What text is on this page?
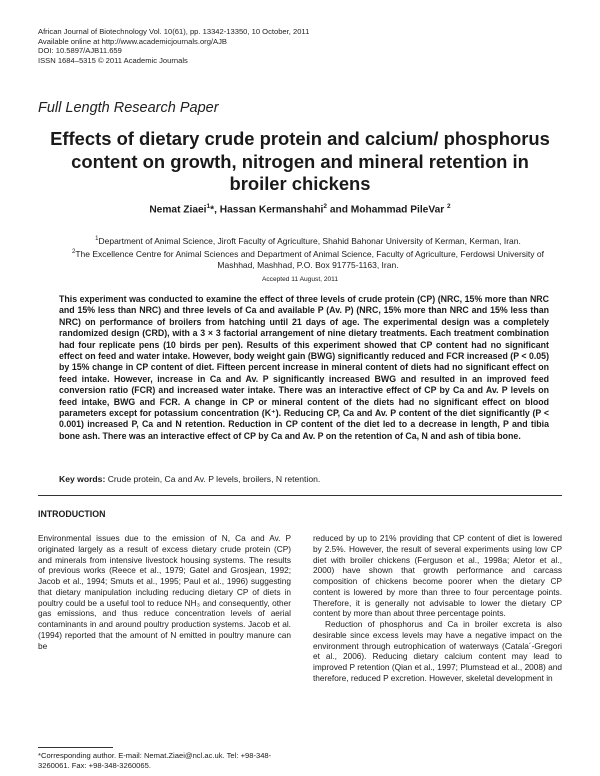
African Journal of Biotechnology Vol. 10(61), pp. 13342-13350, 10 October, 2011
Available online at http://www.academicjournals.org/AJB
DOI: 10.5897/AJB11.659
ISSN 1684–5315 © 2011 Academic Journals
Full Length Research Paper
Effects of dietary crude protein and calcium/ phosphorus content on growth, nitrogen and mineral retention in broiler chickens
Nemat Ziaei$^1$*, Hassan Kermanshahi$^2$ and Mohammad PileVar $^2$
$^1$Department of Animal Science, Jiroft Faculty of Agriculture, Shahid Bahonar University of Kerman, Kerman, Iran.
$^2$The Excellence Centre for Animal Sciences and Department of Animal Science, Faculty of Agriculture, Ferdowsi University of Mashhad, Mashhad, P.O. Box 91775-1163, Iran.
Accepted 11 August, 2011
This experiment was conducted to examine the effect of three levels of crude protein (CP) (NRC, 15% more than NRC and 15% less than NRC) and three levels of Ca and available P (Av. P) (NRC, 15% more than NRC and 15% less than NRC) on performance of broilers from hatching until 21 days of age. The experimental design was a completely randomized design (CRD), with a 3 × 3 factorial arrangement of nine dietary treatments. Each treatment combination had four replicate pens (10 birds per pen). Results of this experiment showed that CP content had no significant effect on feed and water intake. However, body weight gain (BWG) significantly reduced and FCR increased (P < 0.05) by 15% change in CP content of diet. Fifteen percent increase in mineral content of diets had no significant effect on feed intake. However, increase in Ca and Av. P significantly increased BWG and resulted in an improved feed conversion ratio (FCR) and increased water intake. There was an interactive effect of CP by Ca and Av. P levels on feed intake, BWG and FCR. A change in CP or mineral content of the diets had no significant effect on blood parameters except for potassium concentration (K⁺). Reducing CP, Ca and Av. P content of the diet significantly (P < 0.001) increased P, Ca and N retention. Reduction in CP content of the diet led to a decrease in length, P and tibia bone ash. There was an interactive effect of CP by Ca and Av. P on the retention of Ca, N and ash of tibia bone.
Key words: Crude protein, Ca and Av. P levels, broilers, N retention.
INTRODUCTION

Environmental issues due to the emission of N, Ca and Av. P originated largely as a result of excess dietary crude protein (CP) and minerals from intensive livestock housing systems. The results of previous works (Reece et al., 1979; Gatel and Grosjean, 1992; Jacob et al., 1994; Smuts et al., 1995; Paul et al., 1996) suggesting that dietary manipulation including reducing dietary CP of diets in poultry could be a useful tool to reduce NH₃ and consequently, other gas emissions, and thus reduce concentration levels of aerial contaminants in and around poultry production systems. Jacob et al. (1994) reported that the amount of N emitted in poultry manure can be

reduced by up to 21% providing that CP content of diet is lowered by 2.5%. However, the result of several experiments using low CP diet with broiler chickens (Ferguson et al., 1998a; Aletor et al., 2000) have shown that growth performance and carcass composition of chickens become poorer when the dietary CP content is lowered by more than three to four percentage points. Therefore, it is generally not advisable to lower the dietary CP content by more than about three percentage points.

Reduction of phosphorus and Ca in broiler excreta is also desirable since excess levels may have a negative impact on the environment through eutrophication of waterways (Catala´-Gregori et al., 2006). Reducing dietary calcium content may lead to improved P retention (Qian et al., 1997; Plumstead et al., 2008) and therefore, reduced P excretion. However, skeletal development in

*Corresponding author. E-mail: Nemat.Ziaei@ncl.ac.uk. Tel: +98-348-3260061. Fax: +98-348-3260065.
